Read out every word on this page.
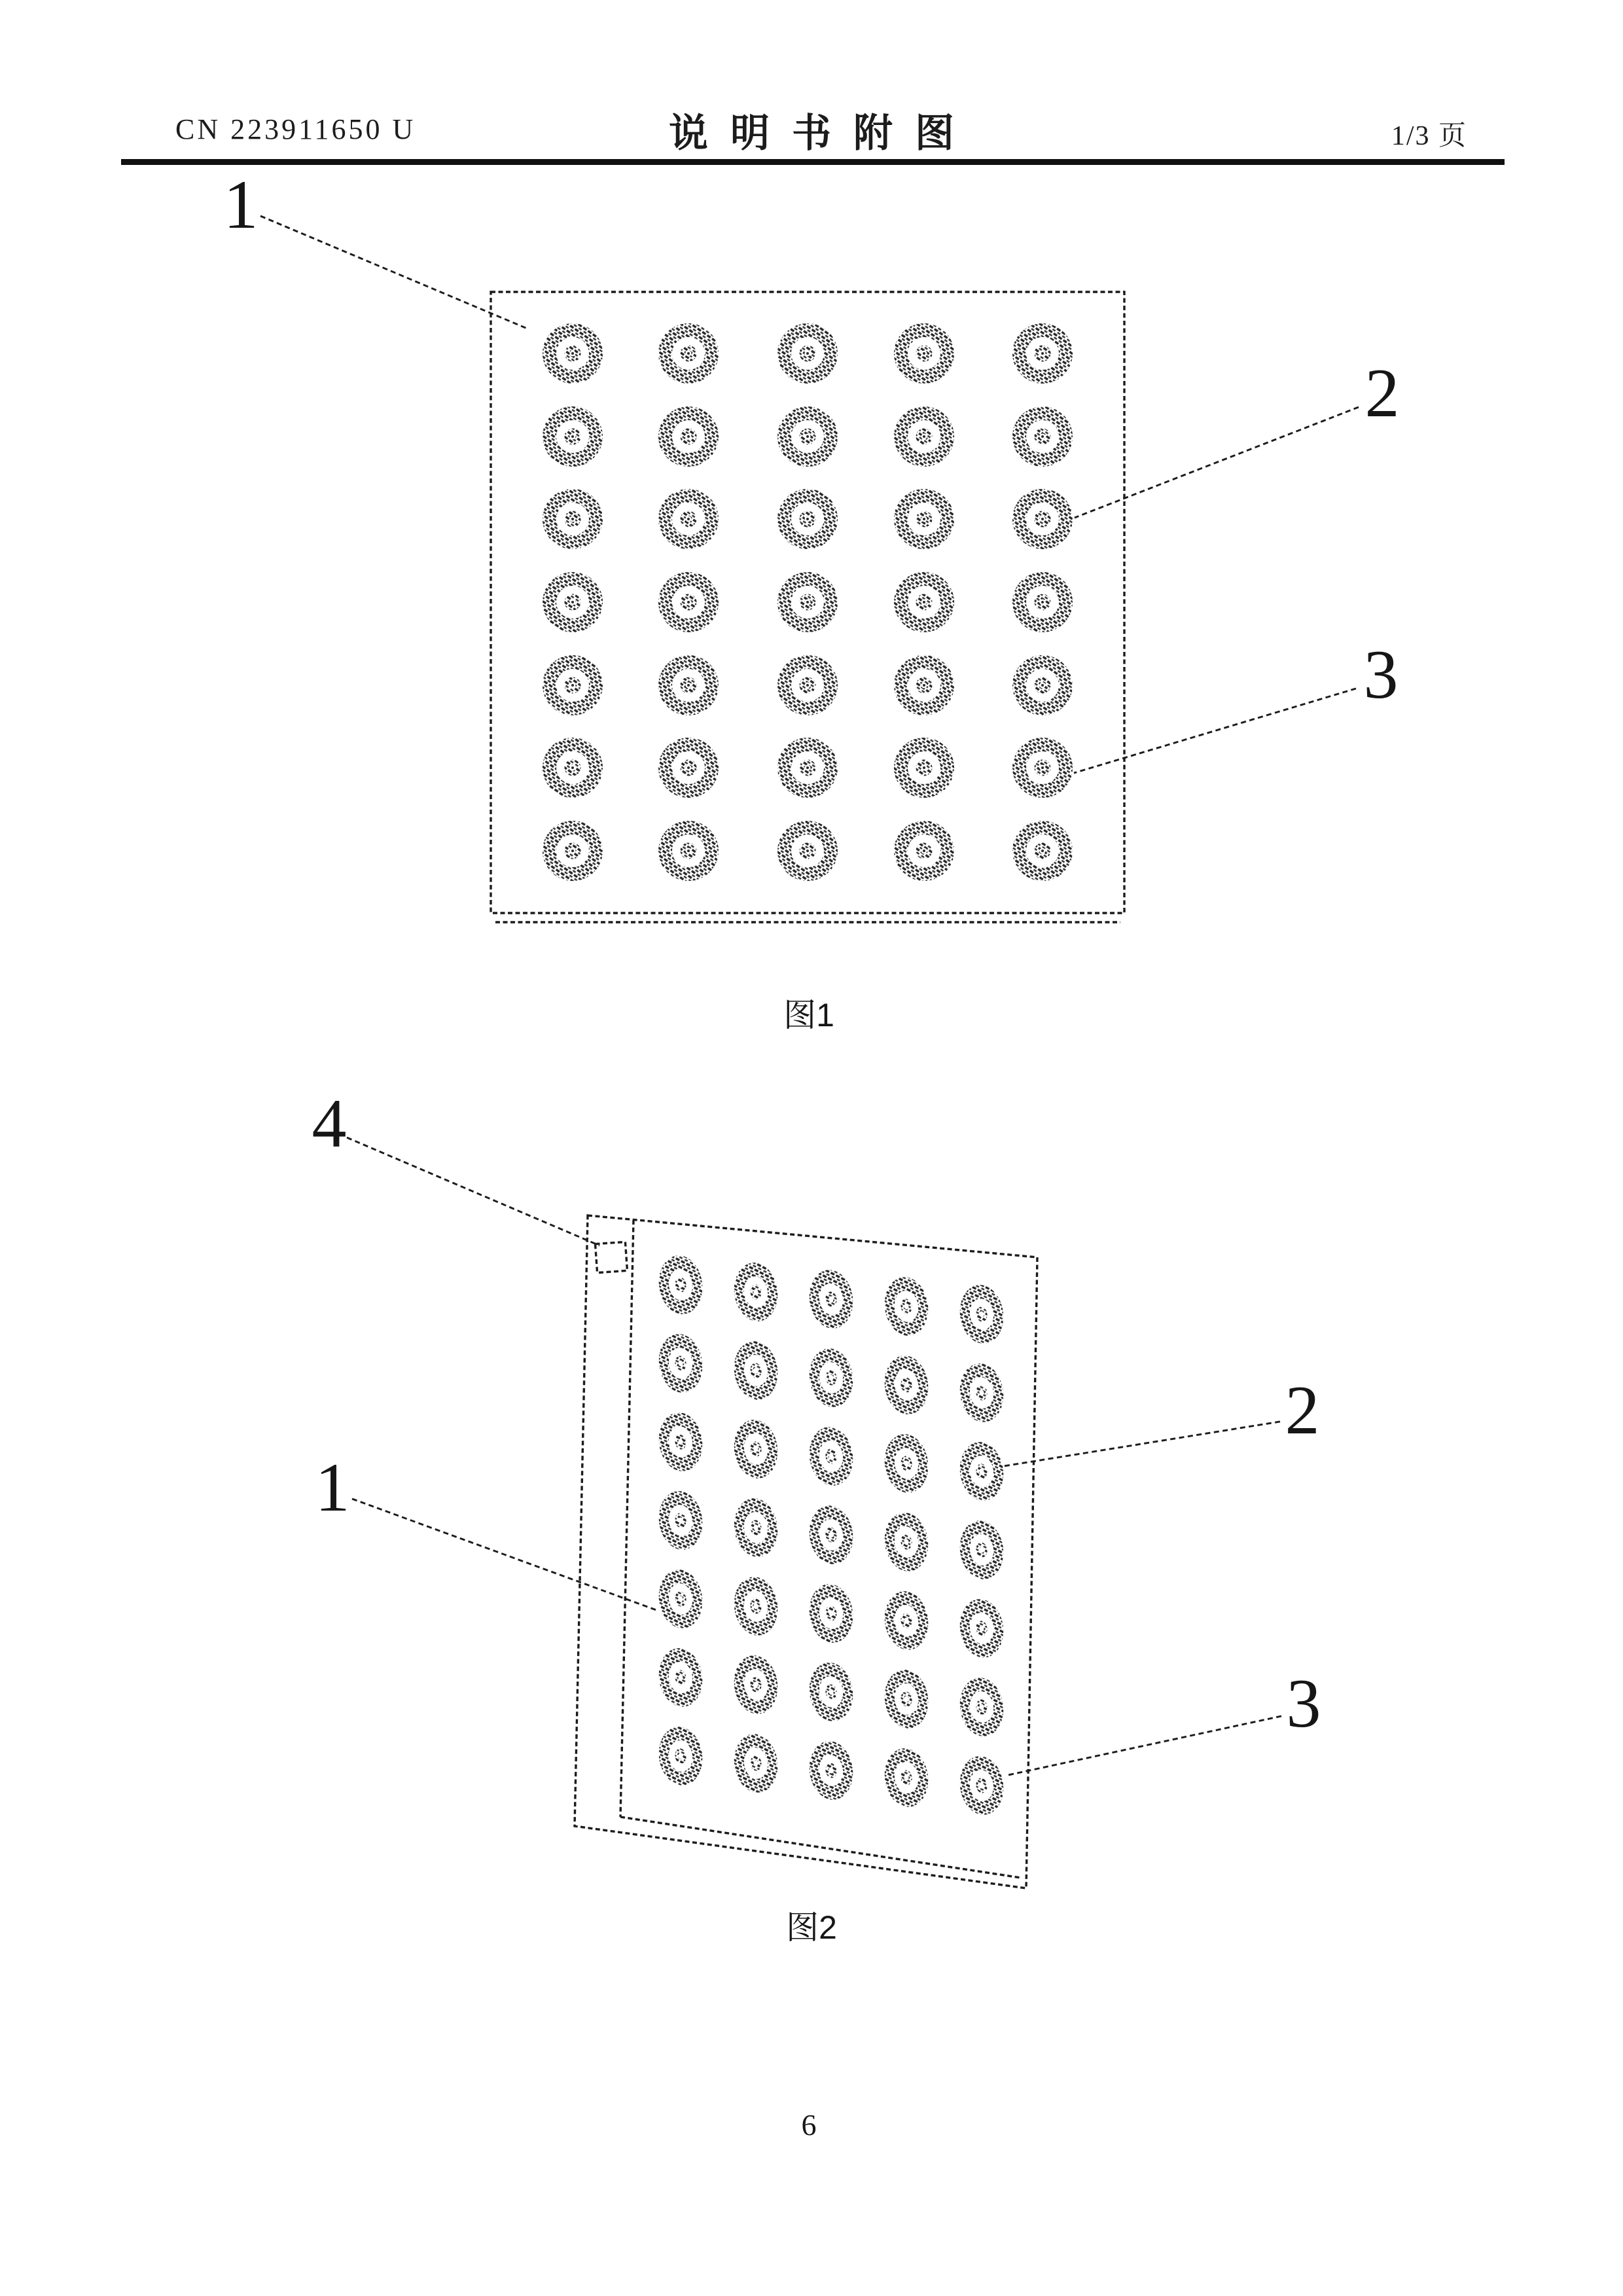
CN 223911650 U	说明书附图	1/3 页
1
2
3
图1
4
1
2
3
图2
6
